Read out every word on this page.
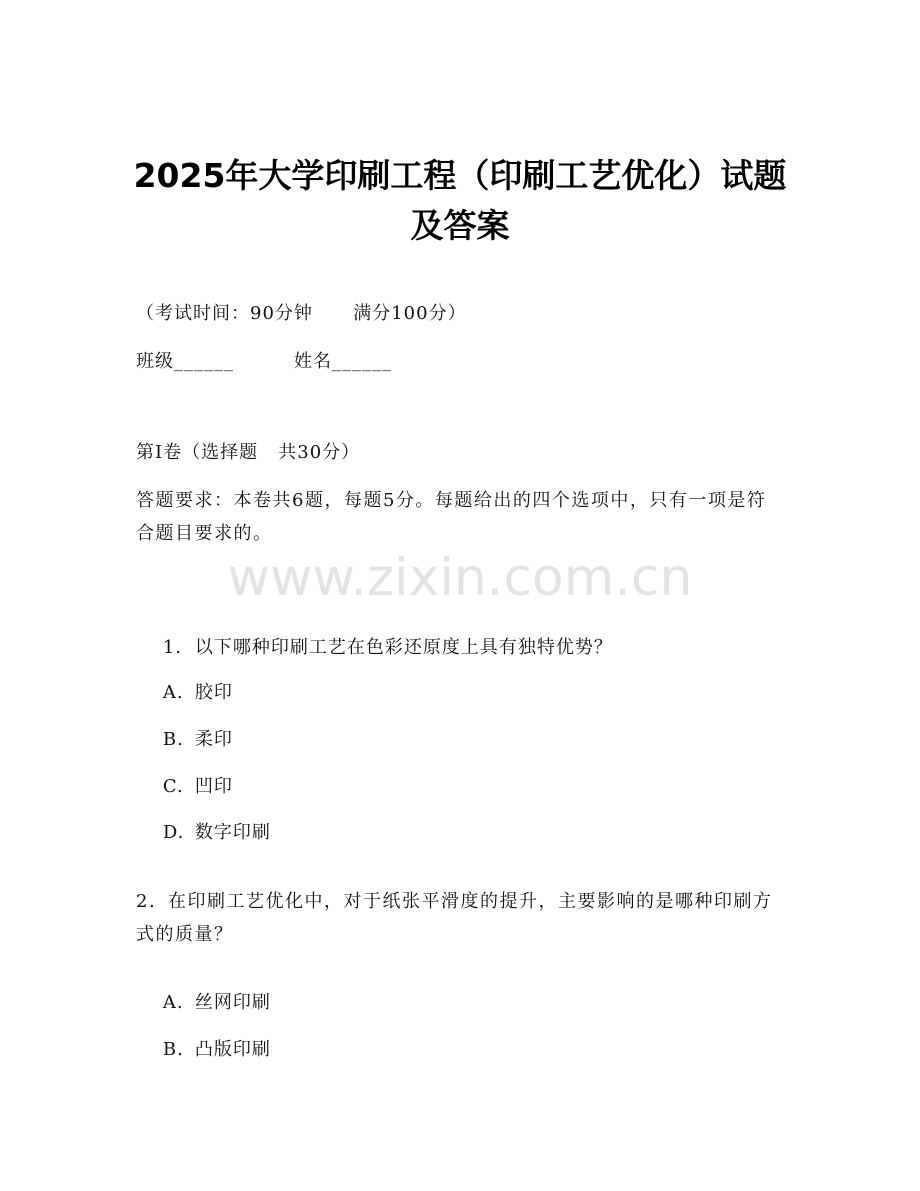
2025年大学印刷工程（印刷工艺优化）试题
及答案
（考试时间：90分钟      满分100分）
班级______	姓名______
第Ⅰ卷（选择题   共30分）
答题要求：本卷共6题，每题5分。每题给出的四个选项中，只有一项是符合题目要求的。
www.zixin.com.cn

1. 以下哪种印刷工艺在色彩还原度上具有独特优势？

A. 胶印

B. 柔印

C. 凹印

D. 数字印刷

2. 在印刷工艺优化中，对于纸张平滑度的提升，主要影响的是哪种印刷方式的质量？

A. 丝网印刷

B. 凸版印刷
